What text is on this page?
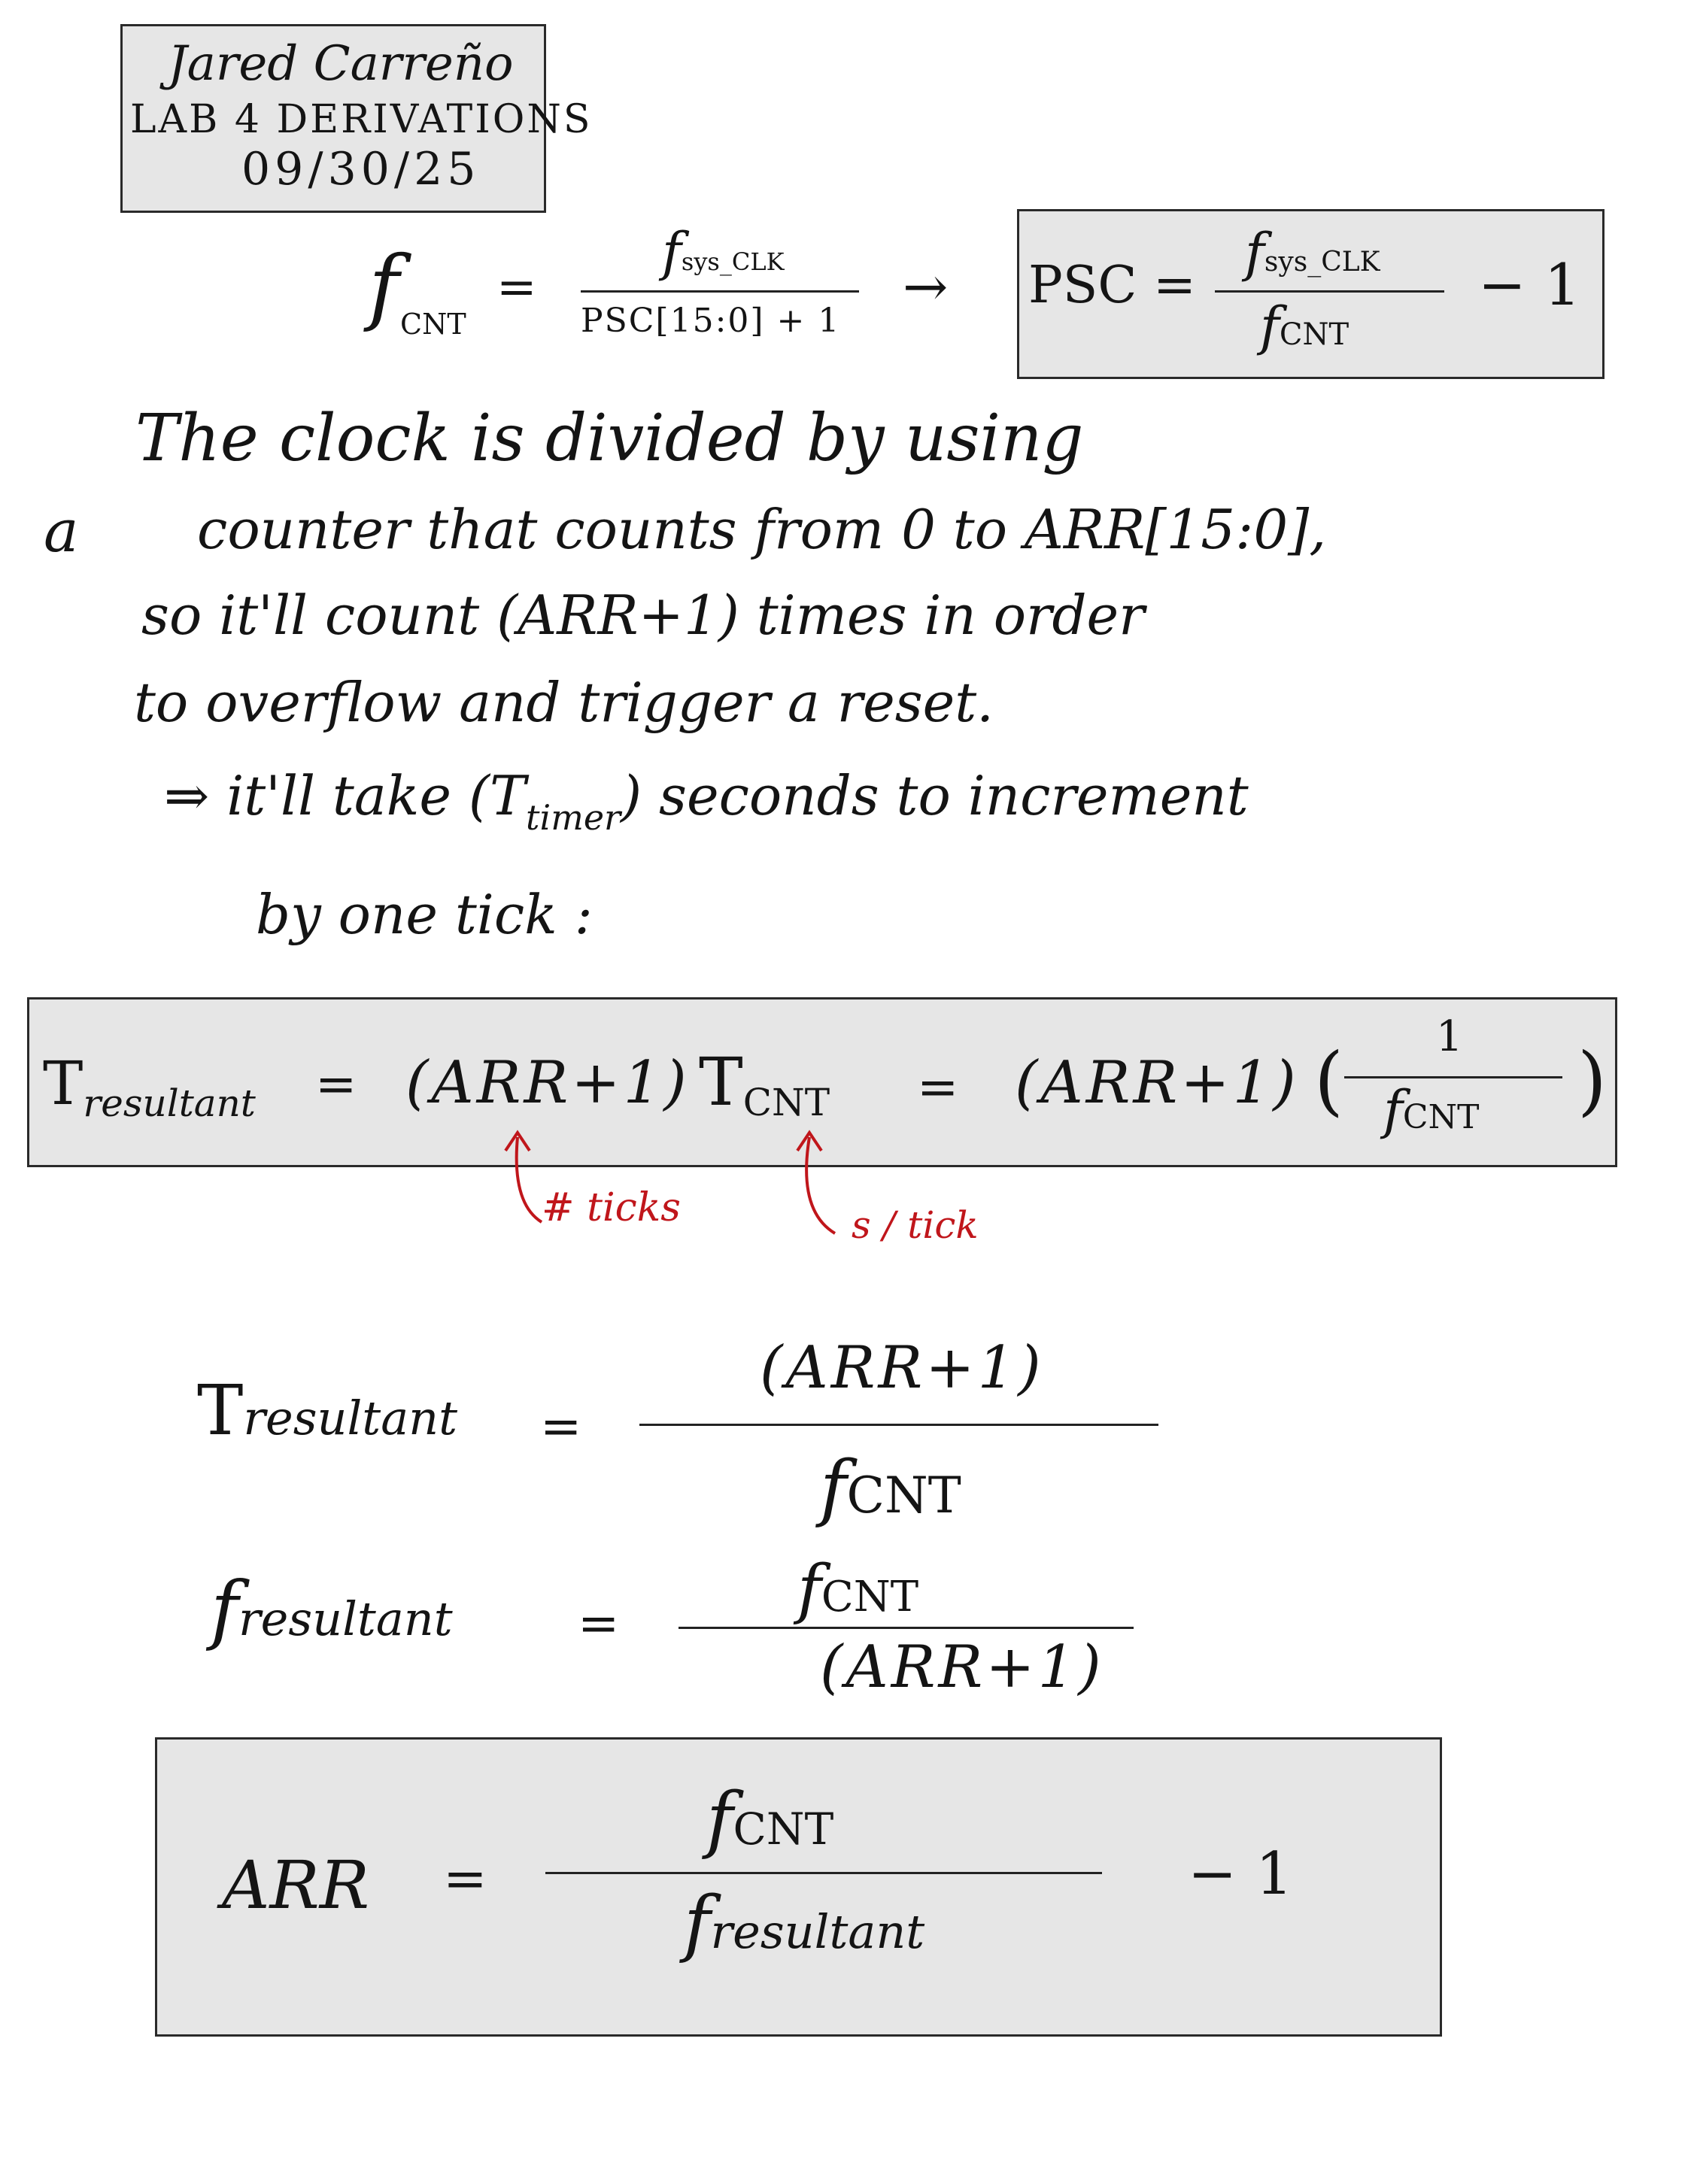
Jared Carreño
LAB 4 DERIVATIONS
09/30/25
f CNT
=
fsys_CLK
PSC[15:0] + 1
→ PSC =
fsys_CLK
fCNT
− 1
The clock is divided by using
a counter that counts from 0 to ARR[15:0],
so it'll count (ARR+1) times in order
to overflow and trigger a reset.
⇒ it'll take $(T_{timer})$ seconds to increment
by one tick :
$T_{resultant} = (ARR+1)$ TCNT = (ARR+1) ( 1
fCNT )
# ticks	s / tick
Tresultant =
(ARR+1)
fCNT
fresultant	=	fCNT
(ARR+1)
ARR =
fCNT
fresultant
− 1
